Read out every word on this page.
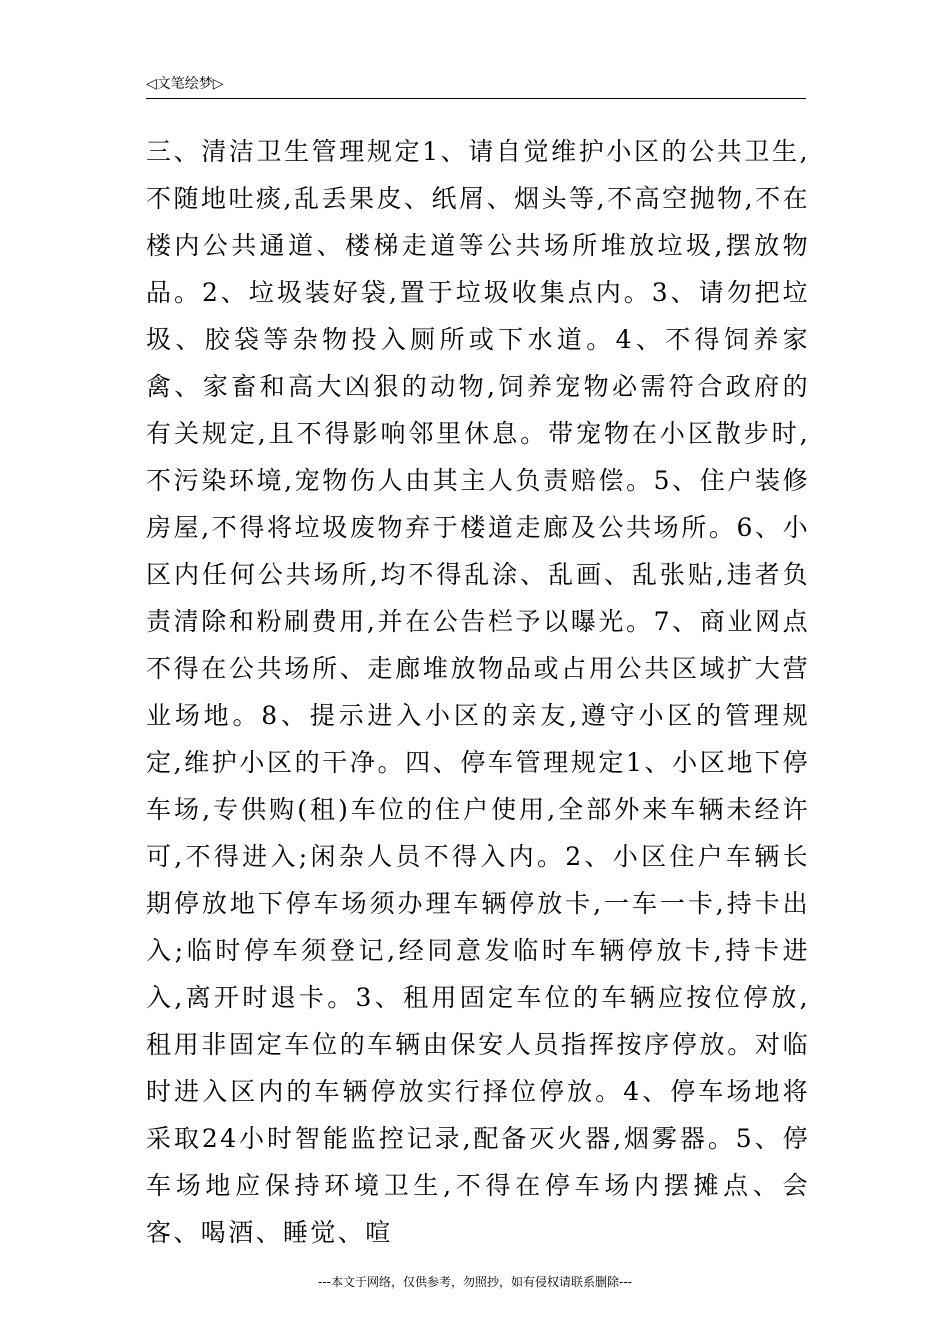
◁文笔绘梦▷

三、清洁卫生管理规定1、请自觉维护小区的公共卫生,不随地吐痰,乱丢果皮、纸屑、烟头等,不高空抛物,不在楼内公共通道、楼梯走道等公共场所堆放垃圾,摆放物品。2、垃圾装好袋,置于垃圾收集点内。3、请勿把垃圾、胶袋等杂物投入厕所或下水道。4、不得饲养家禽、家畜和高大凶狠的动物,饲养宠物必需符合政府的有关规定,且不得影响邻里休息。带宠物在小区散步时,不污染环境,宠物伤人由其主人负责赔偿。5、住户装修房屋,不得将垃圾废物弃于楼道走廊及公共场所。6、小区内任何公共场所,均不得乱涂、乱画、乱张贴,违者负责清除和粉刷费用,并在公告栏予以曝光。7、商业网点不得在公共场所、走廊堆放物品或占用公共区域扩大营业场地。8、提示进入小区的亲友,遵守小区的管理规定,维护小区的干净。四、停车管理规定1、小区地下停车场,专供购(租)车位的住户使用,全部外来车辆未经许可,不得进入;闲杂人员不得入内。2、小区住户车辆长期停放地下停车场须办理车辆停放卡,一车一卡,持卡出入;临时停车须登记,经同意发临时车辆停放卡,持卡进入,离开时退卡。3、租用固定车位的车辆应按位停放,租用非固定车位的车辆由保安人员指挥按序停放。对临时进入区内的车辆停放实行择位停放。4、停车场地将采取24小时智能监控记录,配备灭火器,烟雾器。5、停车场地应保持环境卫生,不得在停车场内摆摊点、会客、喝酒、睡觉、喧

---本文于网络，仅供参考，勿照抄，如有侵权请联系删除---
